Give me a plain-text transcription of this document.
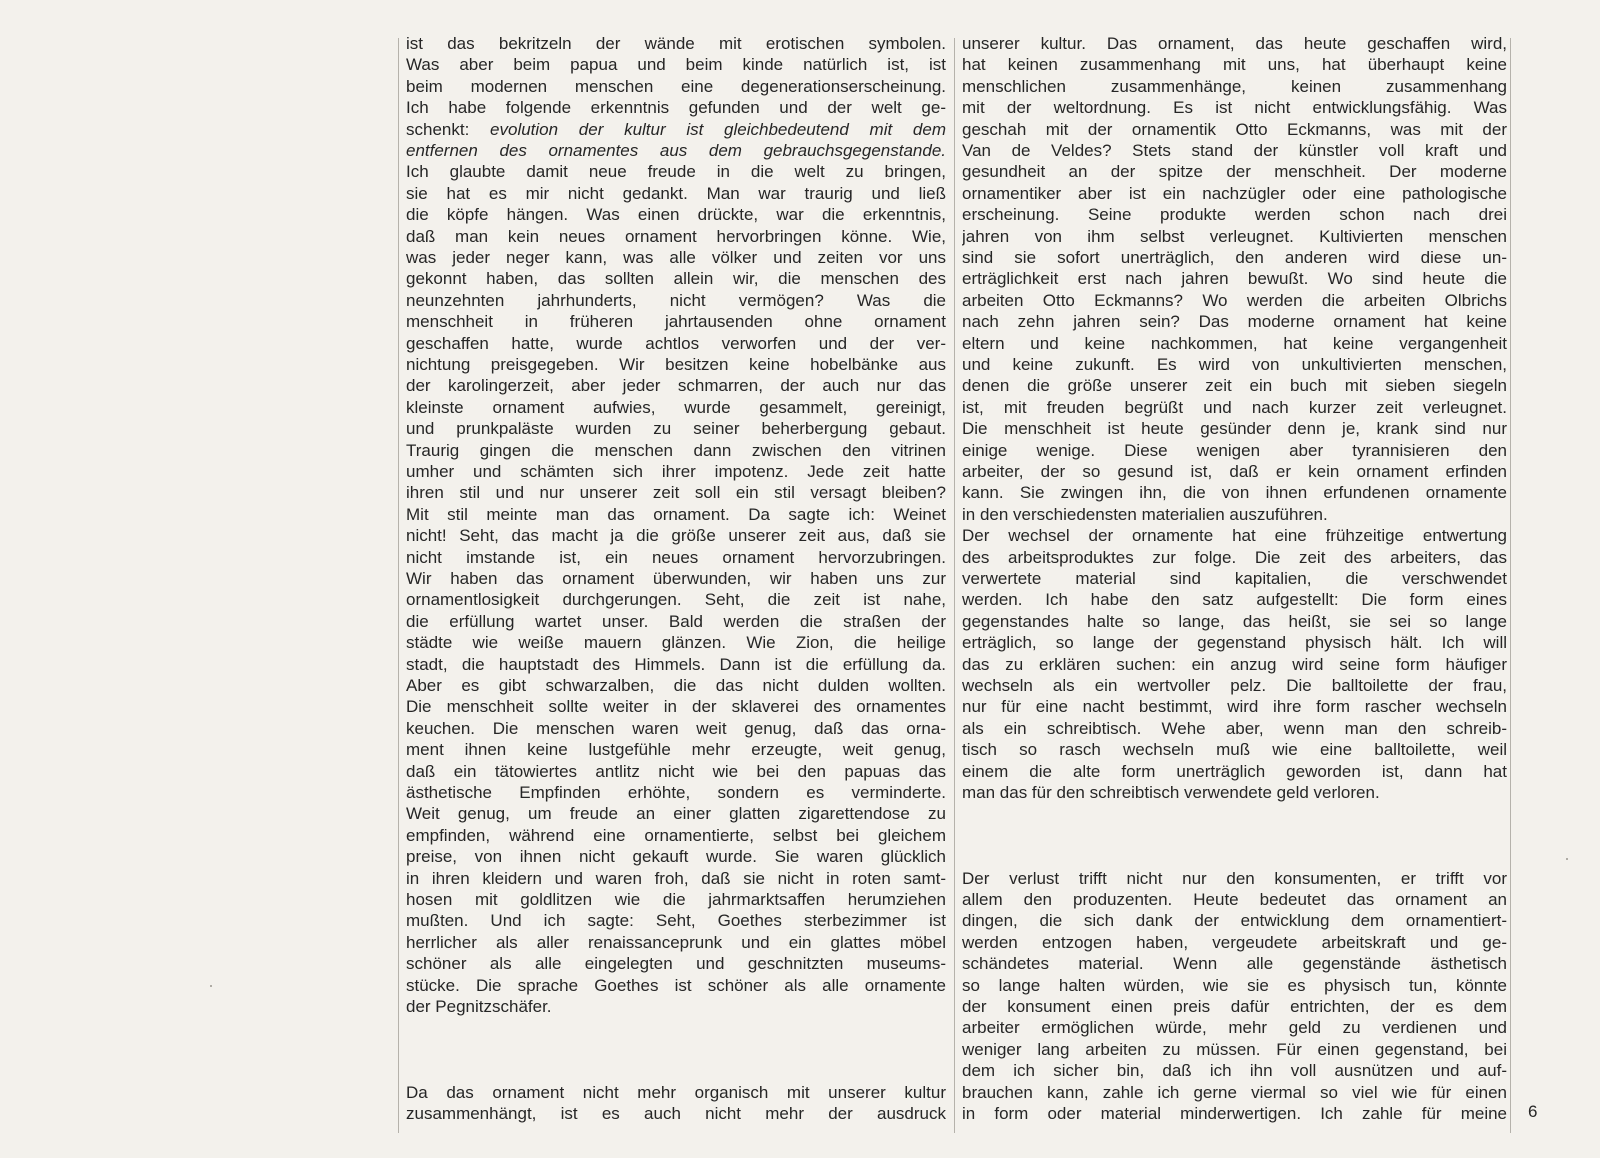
ist das bekritzeln der wände mit erotischen symbolen.
Was aber beim papua und beim kinde natürlich ist, ist
beim modernen menschen eine degenerationserscheinung.
Ich habe folgende erkenntnis gefunden und der welt ge-
schenkt: evolution der kultur ist gleichbedeutend mit dem
entfernen des ornamentes aus dem gebrauchsgegenstande.
Ich glaubte damit neue freude in die welt zu bringen,
sie hat es mir nicht gedankt. Man war traurig und ließ
die köpfe hängen. Was einen drückte, war die erkenntnis,
daß man kein neues ornament hervorbringen könne. Wie,
was jeder neger kann, was alle völker und zeiten vor uns
gekonnt haben, das sollten allein wir, die menschen des
neunzehnten jahrhunderts, nicht vermögen? Was die
menschheit in früheren jahrtausenden ohne ornament
geschaffen hatte, wurde achtlos verworfen und der ver-
nichtung preisgegeben. Wir besitzen keine hobelbänke aus
der karolingerzeit, aber jeder schmarren, der auch nur das
kleinste ornament aufwies, wurde gesammelt, gereinigt,
und prunkpaläste wurden zu seiner beherbergung gebaut.
Traurig gingen die menschen dann zwischen den vitrinen
umher und schämten sich ihrer impotenz. Jede zeit hatte
ihren stil und nur unserer zeit soll ein stil versagt bleiben?
Mit stil meinte man das ornament. Da sagte ich: Weinet
nicht! Seht, das macht ja die größe unserer zeit aus, daß sie
nicht imstande ist, ein neues ornament hervorzubringen.
Wir haben das ornament überwunden, wir haben uns zur
ornamentlosigkeit durchgerungen. Seht, die zeit ist nahe,
die erfüllung wartet unser. Bald werden die straßen der
städte wie weiße mauern glänzen. Wie Zion, die heilige
stadt, die hauptstadt des Himmels. Dann ist die erfüllung da.
Aber es gibt schwarzalben, die das nicht dulden wollten.
Die menschheit sollte weiter in der sklaverei des ornamentes
keuchen. Die menschen waren weit genug, daß das orna-
ment ihnen keine lustgefühle mehr erzeugte, weit genug,
daß ein tätowiertes antlitz nicht wie bei den papuas das
ästhetische Empfinden erhöhte, sondern es verminderte.
Weit genug, um freude an einer glatten zigarettendose zu
empfinden, während eine ornamentierte, selbst bei gleichem
preise, von ihnen nicht gekauft wurde. Sie waren glücklich
in ihren kleidern und waren froh, daß sie nicht in roten samt-
hosen mit goldlitzen wie die jahrmarktsaffen herumziehen
mußten. Und ich sagte: Seht, Goethes sterbezimmer ist
herrlicher als aller renaissanceprunk und ein glattes möbel
schöner als alle eingelegten und geschnitzten museums-
stücke. Die sprache Goethes ist schöner als alle ornamente
der Pegnitzschäfer.
Da das ornament nicht mehr organisch mit unserer kultur
zusammenhängt, ist es auch nicht mehr der ausdruck
unserer kultur. Das ornament, das heute geschaffen wird,
hat keinen zusammenhang mit uns, hat überhaupt keine
menschlichen zusammenhänge, keinen zusammenhang
mit der weltordnung. Es ist nicht entwicklungsfähig. Was
geschah mit der ornamentik Otto Eckmanns, was mit der
Van de Veldes? Stets stand der künstler voll kraft und
gesundheit an der spitze der menschheit. Der moderne
ornamentiker aber ist ein nachzügler oder eine pathologische
erscheinung. Seine produkte werden schon nach drei
jahren von ihm selbst verleugnet. Kultivierten menschen
sind sie sofort unerträglich, den anderen wird diese un-
erträglichkeit erst nach jahren bewußt. Wo sind heute die
arbeiten Otto Eckmanns? Wo werden die arbeiten Olbrichs
nach zehn jahren sein? Das moderne ornament hat keine
eltern und keine nachkommen, hat keine vergangenheit
und keine zukunft. Es wird von unkultivierten menschen,
denen die größe unserer zeit ein buch mit sieben siegeln
ist, mit freuden begrüßt und nach kurzer zeit verleugnet.
Die menschheit ist heute gesünder denn je, krank sind nur
einige wenige. Diese wenigen aber tyrannisieren den
arbeiter, der so gesund ist, daß er kein ornament erfinden
kann. Sie zwingen ihn, die von ihnen erfundenen ornamente
in den verschiedensten materialien auszuführen.
Der wechsel der ornamente hat eine frühzeitige entwertung
des arbeitsproduktes zur folge. Die zeit des arbeiters, das
verwertete material sind kapitalien, die verschwendet
werden. Ich habe den satz aufgestellt: Die form eines
gegenstandes halte so lange, das heißt, sie sei so lange
erträglich, so lange der gegenstand physisch hält. Ich will
das zu erklären suchen: ein anzug wird seine form häufiger
wechseln als ein wertvoller pelz. Die balltoilette der frau,
nur für eine nacht bestimmt, wird ihre form rascher wechseln
als ein schreibtisch. Wehe aber, wenn man den schreib-
tisch so rasch wechseln muß wie eine balltoilette, weil
einem die alte form unerträglich geworden ist, dann hat
man das für den schreibtisch verwendete geld verloren.
Der verlust trifft nicht nur den konsumenten, er trifft vor
allem den produzenten. Heute bedeutet das ornament an
dingen, die sich dank der entwicklung dem ornamentiert-
werden entzogen haben, vergeudete arbeitskraft und ge-
schändetes material. Wenn alle gegenstände ästhetisch
so lange halten würden, wie sie es physisch tun, könnte
der konsument einen preis dafür entrichten, der es dem
arbeiter ermöglichen würde, mehr geld zu verdienen und
weniger lang arbeiten zu müssen. Für einen gegenstand, bei
dem ich sicher bin, daß ich ihn voll ausnützen und auf-
brauchen kann, zahle ich gerne viermal so viel wie für einen
in form oder material minderwertigen. Ich zahle für meine 6
